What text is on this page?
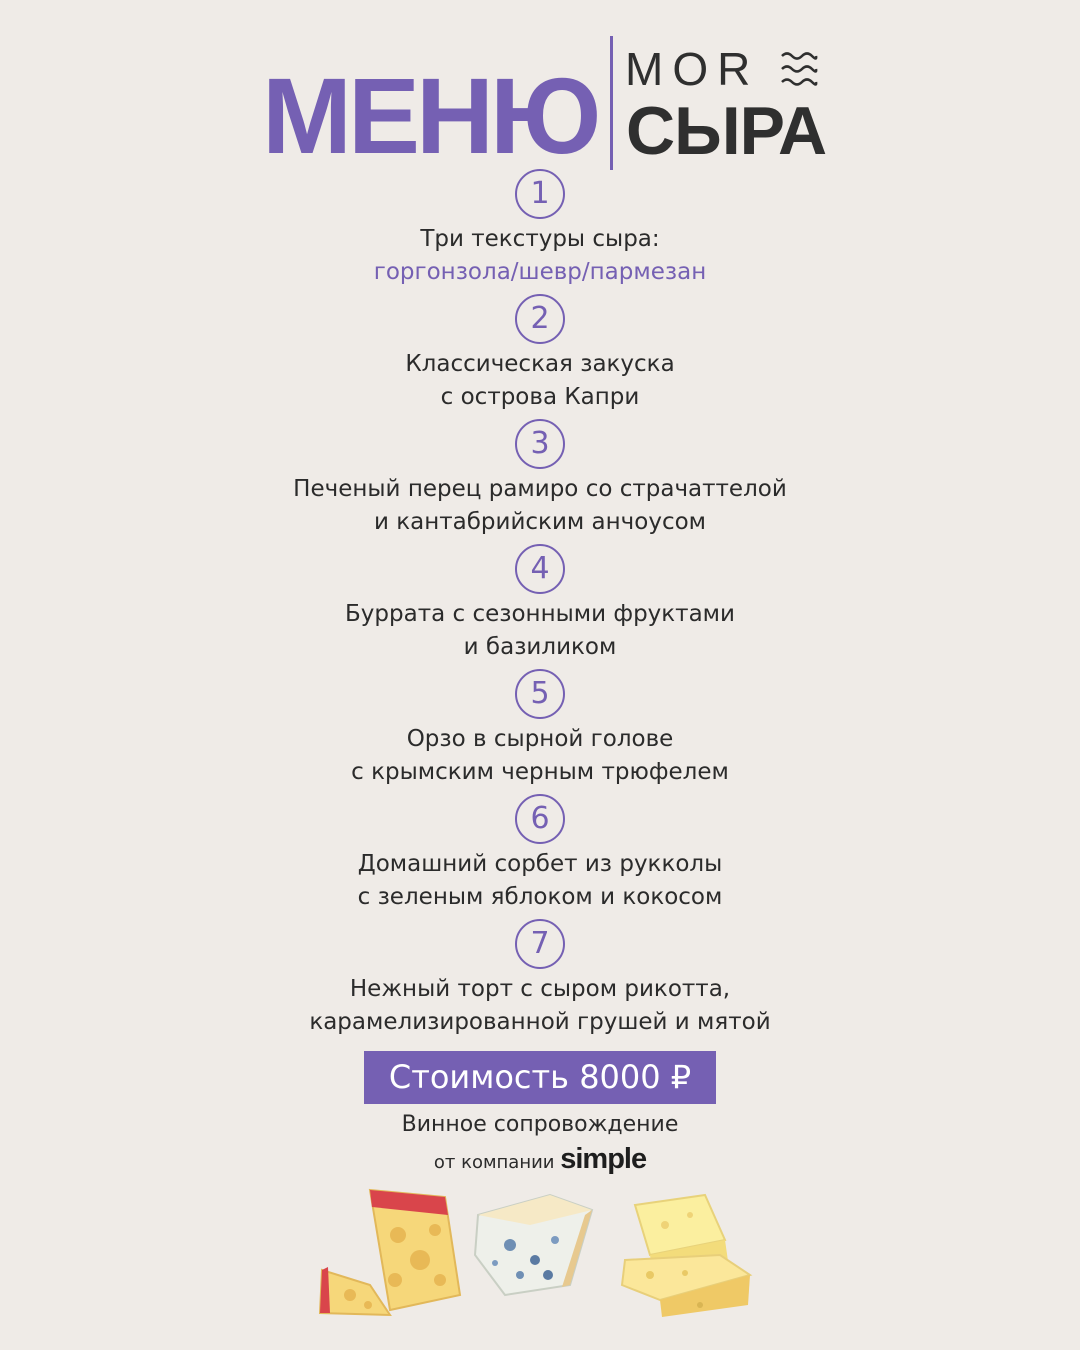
МЕНЮ MOR
СЫРА
1
Три текстуры сыра:
горгонзола/шевр/пармезан
2
Классическая закуска
с острова Капри
3
Печеный перец рамиро со страчаттелой
и кантабрийским анчоусом
4
Буррата с сезонными фруктами
и базиликом
5
Орзо в сырной голове
с крымским черным трюфелем
6
Домашний сорбет из рукколы
с зеленым яблоком и кокосом
7
Нежный торт с сыром рикотта,
карамелизированной грушей и мятой
Стоимость 8000 ₽
Винное сопровождение
от компании simple
